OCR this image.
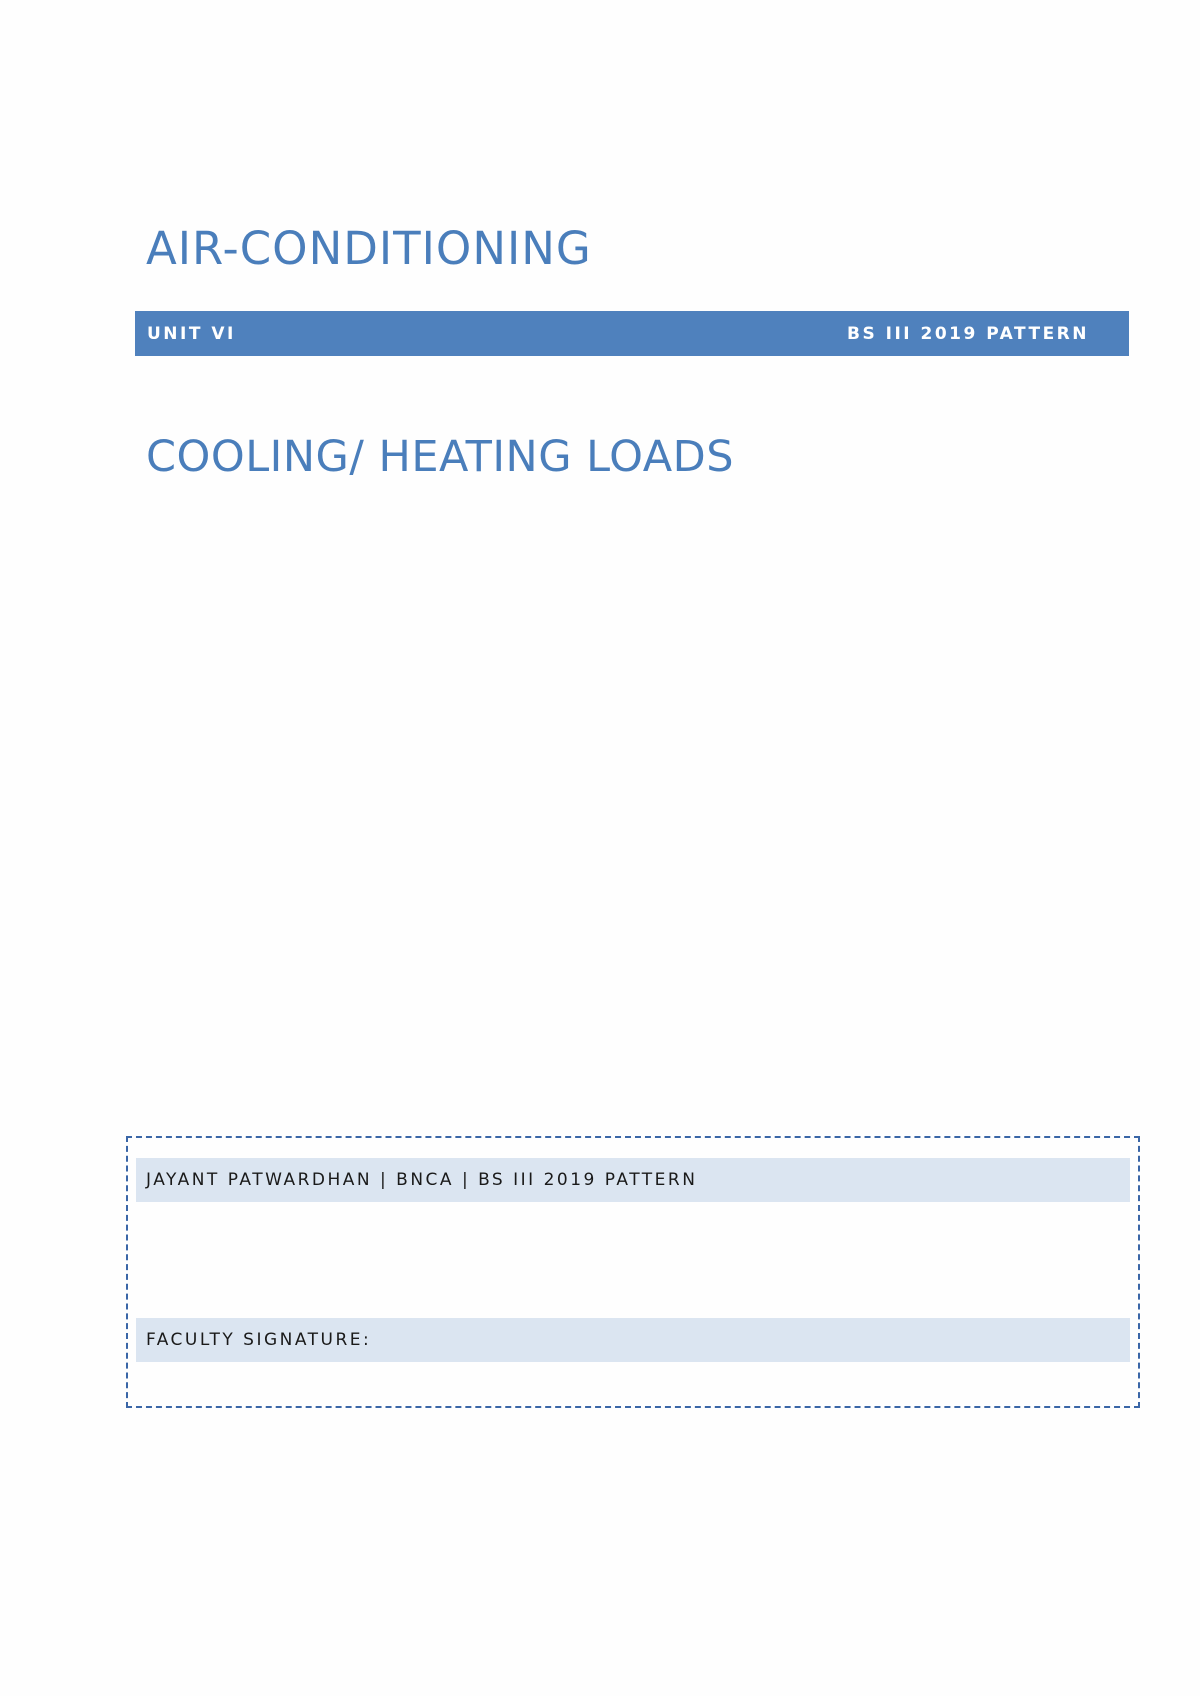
AIR-CONDITIONING
UNIT VI	BS III 2019 PATTERN
COOLING/ HEATING LOADS
JAYANT PATWARDHAN | BNCA | BS III 2019 PATTERN
FACULTY SIGNATURE:
